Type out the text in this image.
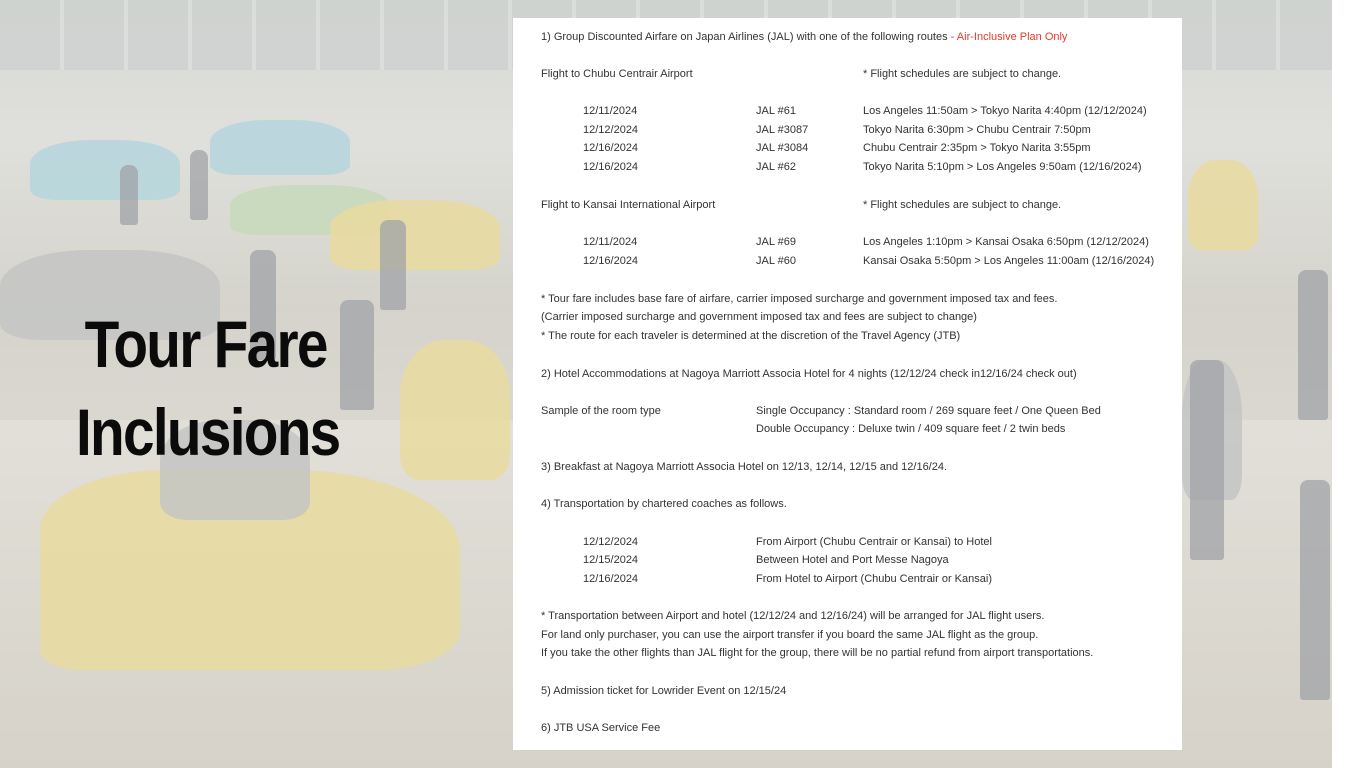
Tour Fare
Inclusions
1) Group Discounted Airfare on Japan Airlines (JAL) with one of the following routes - Air-Inclusive Plan Only
Flight to Chubu Centrair Airport	* Flight schedules are subject to change.
12/11/2024	JAL #61	Los Angeles 11:50am > Tokyo Narita 4:40pm (12/12/2024)
12/12/2024	JAL #3087	Tokyo Narita 6:30pm > Chubu Centrair 7:50pm
12/16/2024	JAL #3084	Chubu Centrair 2:35pm > Tokyo Narita 3:55pm
12/16/2024	JAL #62	Tokyo Narita 5:10pm > Los Angeles 9:50am (12/16/2024)
Flight to Kansai International Airport	* Flight schedules are subject to change.
12/11/2024	JAL #69	Los Angeles 1:10pm > Kansai Osaka 6:50pm (12/12/2024)
12/16/2024	JAL #60	Kansai Osaka 5:50pm > Los Angeles 11:00am (12/16/2024)
* Tour fare includes base fare of airfare, carrier imposed surcharge and government imposed tax and fees.
(Carrier imposed surcharge and government imposed tax and fees are subject to change)
* The route for each traveler is determined at the discretion of the Travel Agency (JTB)
2) Hotel Accommodations at Nagoya Marriott Associa Hotel for 4 nights (12/12/24 check in12/16/24 check out)
Sample of the room type	Single Occupancy : Standard room / 269 square feet / One Queen Bed
Double Occupancy : Deluxe twin / 409 square feet / 2 twin beds
3) Breakfast at Nagoya Marriott Associa Hotel on 12/13, 12/14, 12/15 and 12/16/24.
4) Transportation by chartered coaches as follows.
12/12/2024	From Airport (Chubu Centrair or Kansai) to Hotel
12/15/2024	Between Hotel and Port Messe Nagoya
12/16/2024	From Hotel to Airport (Chubu Centrair or Kansai)
* Transportation between Airport and hotel (12/12/24 and 12/16/24) will be arranged for JAL flight users.
For land only purchaser, you can use the airport transfer if you board the same JAL flight as the group.
If you take the other flights than JAL flight for the group, there will be no partial refund from airport transportations.
5) Admission ticket for Lowrider Event on 12/15/24
6) JTB USA Service Fee
